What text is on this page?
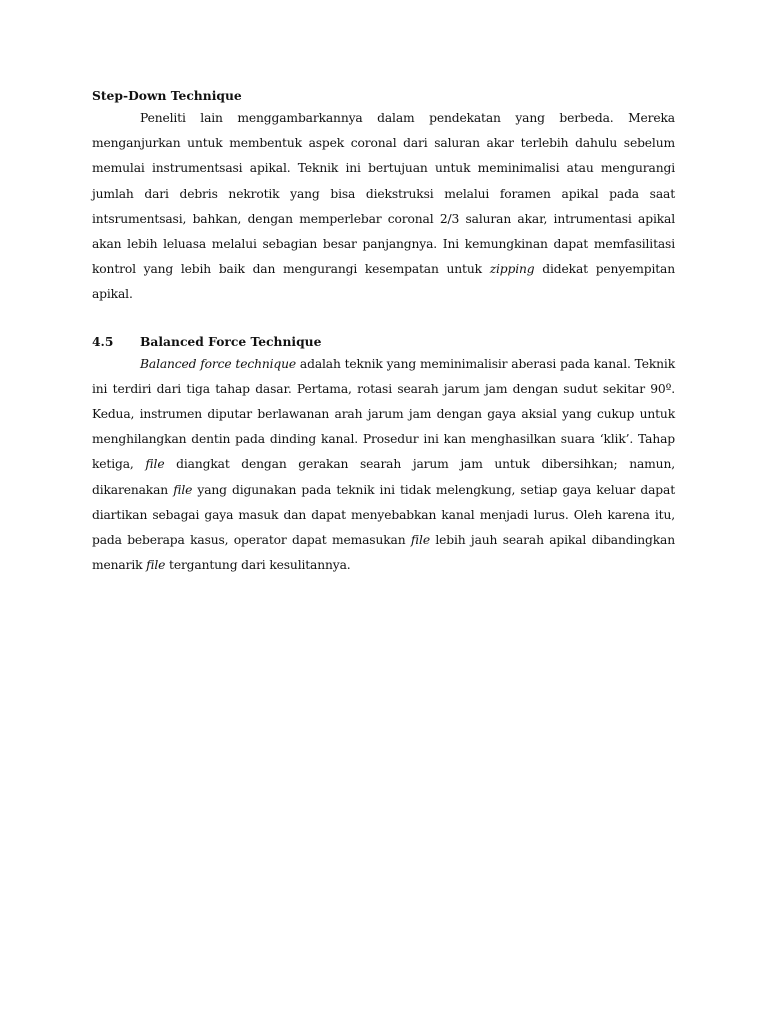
Step-Down Technique

Peneliti lain menggambarkannya dalam pendekatan yang berbeda. Mereka menganjurkan untuk membentuk aspek coronal dari saluran akar terlebih dahulu sebelum memulai instrumentsasi apikal. Teknik ini bertujuan untuk meminimalisi atau mengurangi jumlah dari debris nekrotik yang bisa diekstruksi melalui foramen apikal pada saat intsrumentsasi, bahkan, dengan memperlebar coronal 2/3 saluran akar, intrumentasi apikal akan lebih leluasa melalui sebagian besar panjangnya. Ini kemungkinan dapat memfasilitasi kontrol yang lebih baik dan mengurangi kesempatan untuk zipping didekat penyempitan apikal.

4.5 Balanced Force Technique

Balanced force technique adalah teknik yang meminimalisir aberasi pada kanal. Teknik ini terdiri dari tiga tahap dasar. Pertama, rotasi searah jarum jam dengan sudut sekitar 90º. Kedua, instrumen diputar berlawanan arah jarum jam dengan gaya aksial yang cukup untuk menghilangkan dentin pada dinding kanal. Prosedur ini kan menghasilkan suara ‘klik’. Tahap ketiga, file diangkat dengan gerakan searah jarum jam untuk dibersihkan; namun, dikarenakan file yang digunakan pada teknik ini tidak melengkung, setiap gaya keluar dapat diartikan sebagai gaya masuk dan dapat menyebabkan kanal menjadi lurus. Oleh karena itu, pada beberapa kasus, operator dapat memasukan file lebih jauh searah apikal dibandingkan menarik file tergantung dari kesulitannya.
